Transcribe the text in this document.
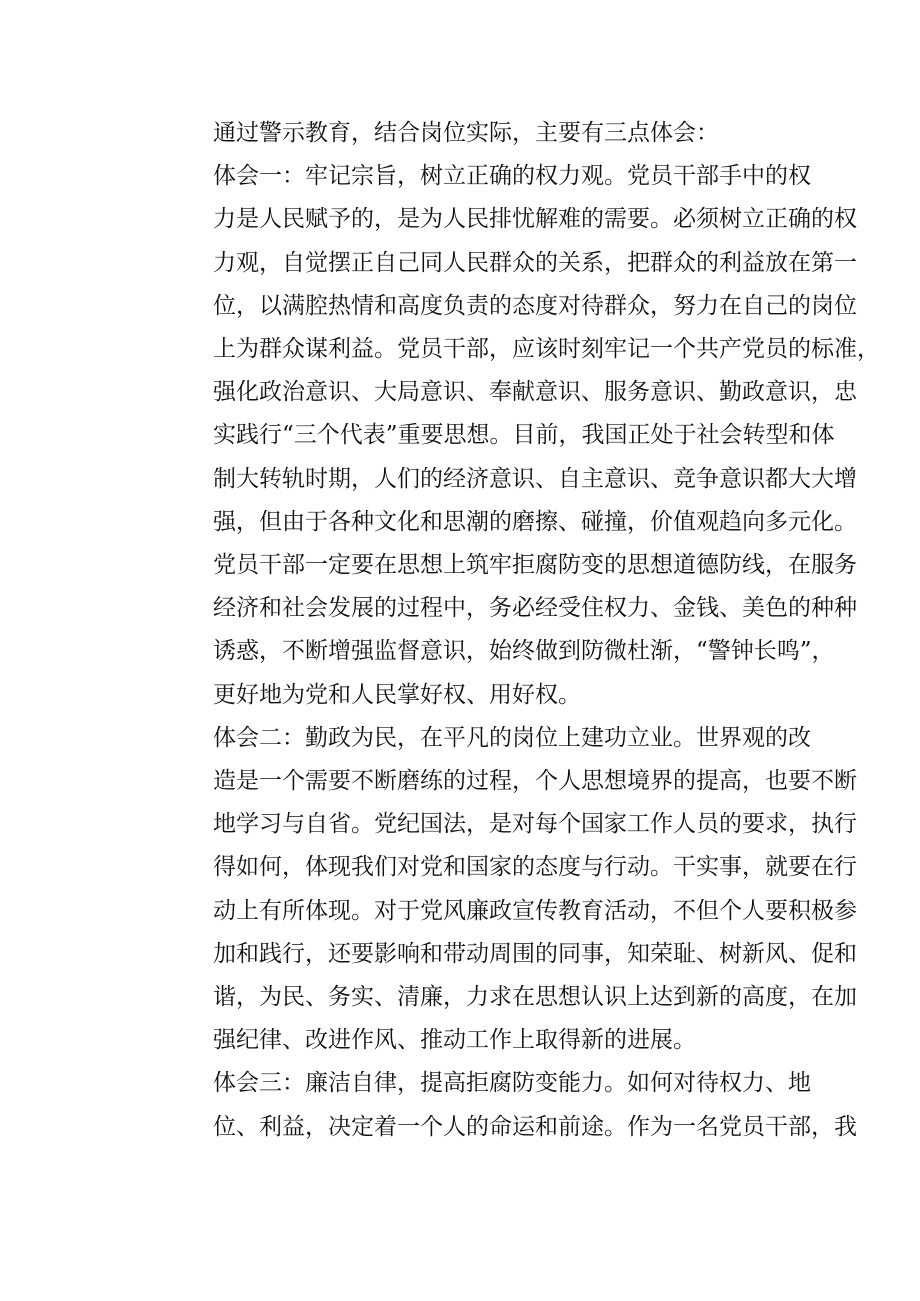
通过警示教育，结合岗位实际，主要有三点体会：

体会一：牢记宗旨，树立正确的权力观。党员干部手中的权
力是人民赋予的，是为人民排忧解难的需要。必须树立正确的权
力观，自觉摆正自己同人民群众的关系，把群众的利益放在第一
位，以满腔热情和高度负责的态度对待群众，努力在自己的岗位
上为群众谋利益。党员干部，应该时刻牢记一个共产党员的标准，
强化政治意识、大局意识、奉献意识、服务意识、勤政意识，忠
实践行“三个代表”重要思想。目前，我国正处于社会转型和体
制大转轨时期，人们的经济意识、自主意识、竞争意识都大大增
强，但由于各种文化和思潮的磨擦、碰撞，价值观趋向多元化。
党员干部一定要在思想上筑牢拒腐防变的思想道德防线，在服务
经济和社会发展的过程中，务必经受住权力、金钱、美色的种种
诱惑，不断增强监督意识，始终做到防微杜渐，“警钟长鸣”，
更好地为党和人民掌好权、用好权。

体会二：勤政为民，在平凡的岗位上建功立业。世界观的改
造是一个需要不断磨练的过程，个人思想境界的提高，也要不断
地学习与自省。党纪国法，是对每个国家工作人员的要求，执行
得如何，体现我们对党和国家的态度与行动。干实事，就要在行
动上有所体现。对于党风廉政宣传教育活动，不但个人要积极参
加和践行，还要影响和带动周围的同事，知荣耻、树新风、促和
谐，为民、务实、清廉，力求在思想认识上达到新的高度，在加
强纪律、改进作风、推动工作上取得新的进展。

体会三：廉洁自律，提高拒腐防变能力。如何对待权力、地
位、利益，决定着一个人的命运和前途。作为一名党员干部，我
